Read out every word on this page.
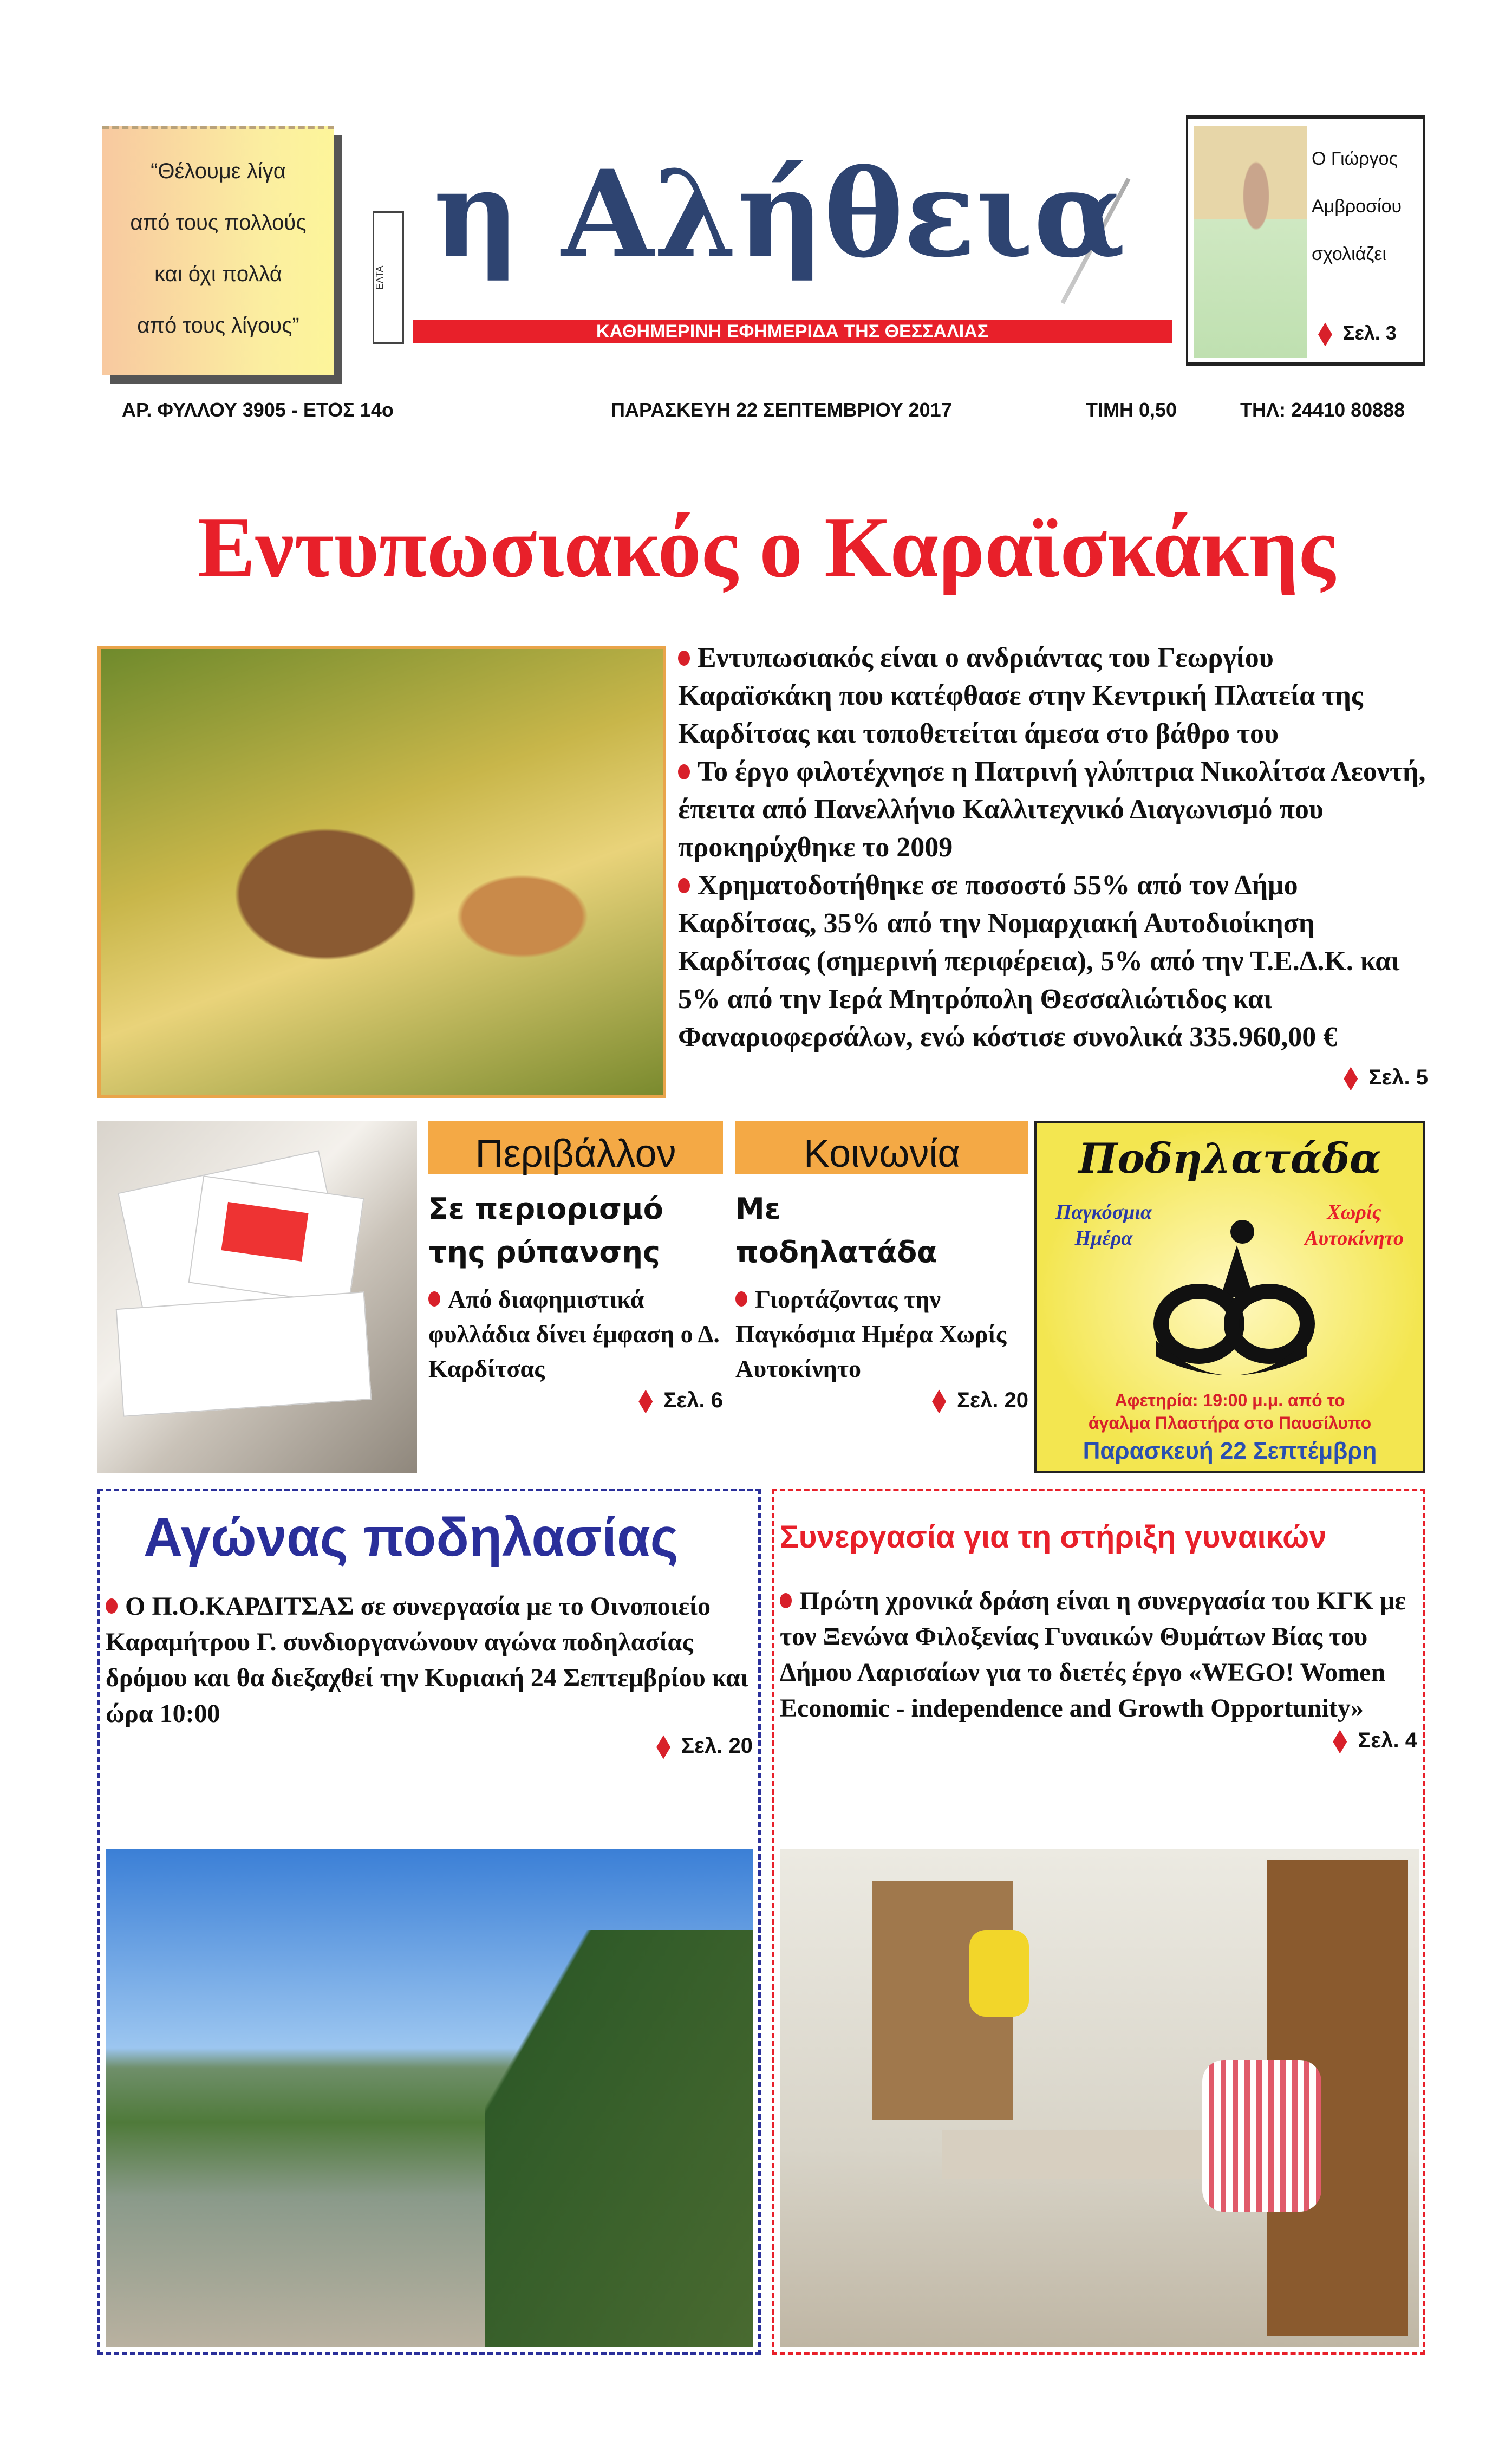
“Θέλουμε λίγα
από τους πολλούς
και όχι πολλά
από τους λίγους”
ΕΛΤΑ η Αλήθεια
ΚΑΘΗΜΕΡΙΝΗ ΕΦΗΜΕΡΙΔΑ ΤΗΣ ΘΕΣΣΑΛΙΑΣ
Ο Γιώργος
Αμβροσίου
σχολιάζει
Σελ. 3
ΑΡ. ΦΥΛΛΟΥ 3905 - ΕΤΟΣ 14ο	ΠΑΡΑΣΚΕΥΗ 22 ΣΕΠΤΕΜΒΡΙΟΥ 2017	ΤΙΜΗ 0,50	ΤΗΛ: 24410 80888
Εντυπωσιακός ο Καραϊσκάκης
Εντυπωσιακός είναι ο ανδριάντας του Γεωργίου Καραϊσκάκη που κατέφθασε στην Κεντρική Πλατεία της Καρδίτσας και τοποθετείται άμεσα στο βάθρο του
Το έργο φιλοτέχνησε η Πατρινή γλύπτρια Νικολίτσα Λεοντή, έπειτα από Πανελλήνιο Καλλιτεχνικό Διαγωνισμό που προκηρύχθηκε το 2009
Χρηματοδοτήθηκε σε ποσοστό 55% από τον Δήμο Καρδίτσας, 35% από την Νομαρχιακή Αυτοδιοίκηση Καρδίτσας (σημερινή περιφέρεια), 5% από την Τ.Ε.Δ.Κ. και 5% από την Ιερά Μητρόπολη Θεσσαλιώτιδος και Φαναριοφερσάλων, ενώ κόστισε συνολικά 335.960,00 €
Σελ. 5
Περιβάλλον
Σε περιορισμό της ρύπανσης
Από διαφημιστικά φυλλάδια δίνει έμφαση ο Δ. Καρδίτσας
Σελ. 6
Κοινωνία
Με ποδηλατάδα
Γιορτάζοντας την Παγκόσμια Ημέρα Χωρίς Αυτοκίνητο
Σελ. 20
Ποδηλατάδα
Παγκόσμια Ημέρα
Χωρίς Αυτοκίνητο
Αφετηρία: 19:00 μ.μ. από το
άγαλμα Πλαστήρα στο Παυσίλυπο
Παρασκευή 22 Σεπτέμβρη
Αγώνας ποδηλασίας
Ο Π.Ο.ΚΑΡΔΙΤΣΑΣ σε συνεργασία με το Οινοποιείο Καραμήτρου Γ. συνδιοργανώνουν αγώνα ποδηλασίας δρόμου και θα διεξαχθεί την Κυριακή 24 Σεπτεμβρίου και ώρα 10:00
Σελ. 20
Συνεργασία για τη στήριξη γυναικών
Πρώτη χρονικά δράση είναι η συνεργασία του ΚΓΚ με τον Ξενώνα Φιλοξενίας Γυναικών Θυμάτων Βίας του Δήμου Λαρισαίων για το διετές έργο «WEGO! Women Economic - independence and Growth Opportunity»
Σελ. 4
